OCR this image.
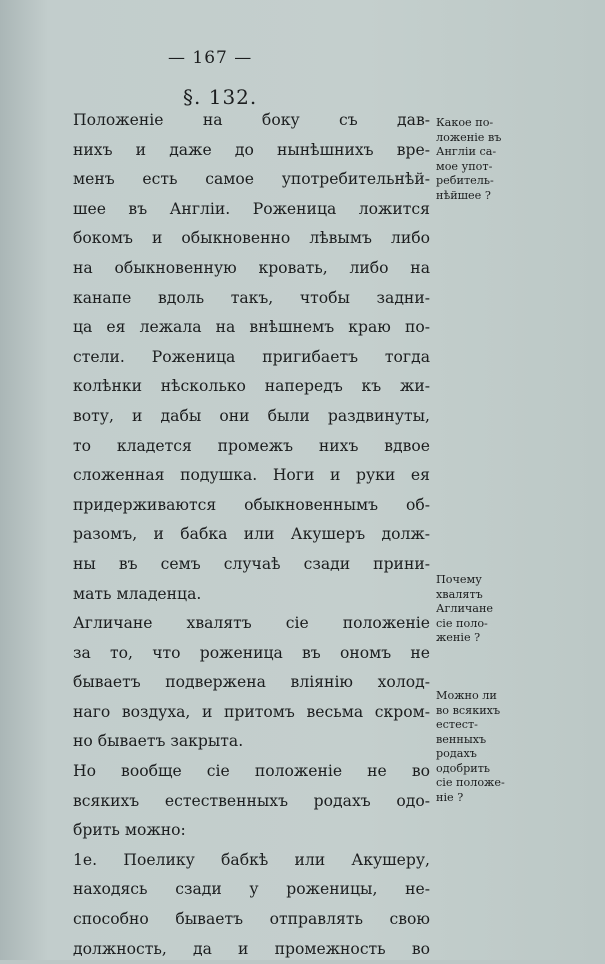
— 167 —
§. 132.

Положеніе на боку съ дав-
нихъ и даже до нынѣшнихъ вре-
менъ есть самое употребительнѣй-
шее въ Англіи. Роженица ложится
бокомъ и обыкновенно лѣвымъ либо
на обыкновенную кровать, либо на
канапе вдоль такъ, чтобы задни-
ца ея лежала на внѣшнемъ краю по-
стели. Роженица пригибаетъ тогда
колѣнки нѣсколько напередъ къ жи-
воту, и дабы они были раздвинуты,
то кладется промежъ нихъ вдвое
сложенная подушка. Ноги и руки ея
придерживаются обыкновеннымъ об-
разомъ, и бабка или Акушеръ долж-
ны въ семъ случаѣ сзади прини-
мать младенца.

Агличане хвалятъ сіе положеніе
за то, что роженица въ ономъ не
бываетъ подвержена вліянію холод-
наго воздуха, и притомъ весьма скром-
но бываетъ закрыта.

Но вообще сіе положеніе не во
всякихъ естественныхъ родахъ одо-
брить можно:

1е. Поелику бабкѣ или Акушеру,
находясь сзади у роженицы, не-
способно бываетъ отправлять свою
должность, да и промежность во

Какое по-
ложеніе въ
Англіи са-
мое упот-
ребитель-
нѣйшее ?
Почему
хвалятъ
Агличане
сіе поло-
женіе ?
Можно ли
во всякихъ
естест-
венныхъ
родахъ
одобрить
сіе положе-
ніе ?
